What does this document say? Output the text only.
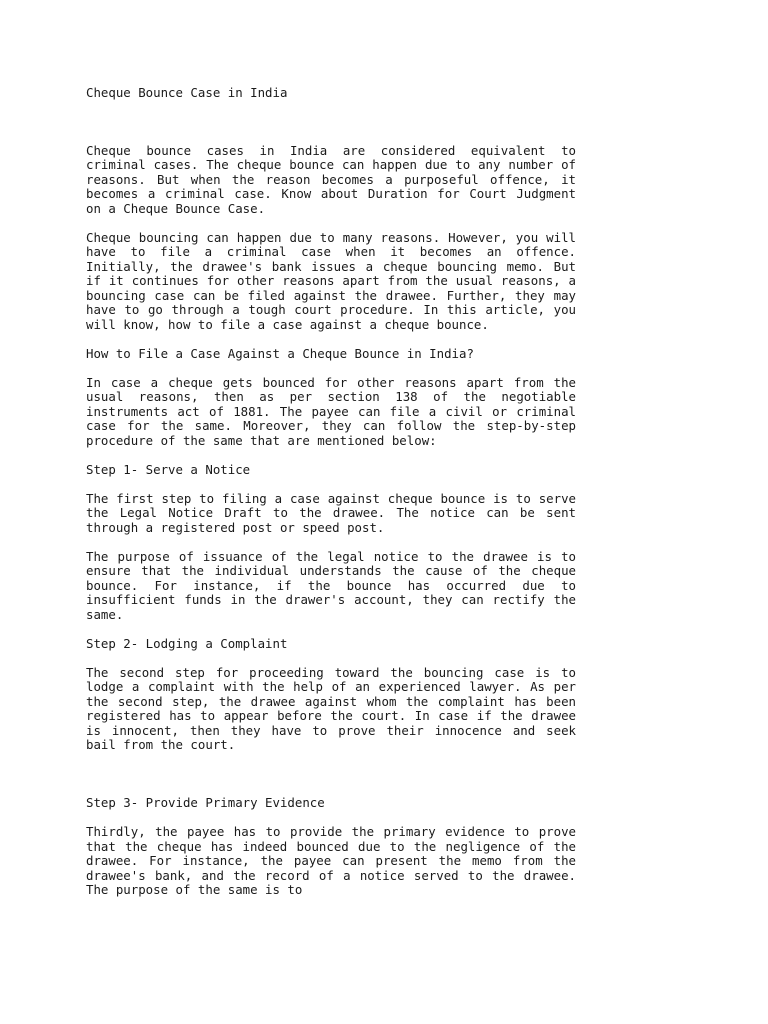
Cheque Bounce Case in India

Cheque bounce cases in India are considered equivalent to criminal cases. The cheque bounce can happen due to any number of reasons. But when the reason becomes a purposeful offence, it becomes a criminal case. Know about Duration for Court Judgment on a Cheque Bounce Case.

Cheque bouncing can happen due to many reasons. However, you will have to file a criminal case when it becomes an offence. Initially, the drawee's bank issues a cheque bouncing memo. But if it continues for other reasons apart from the usual reasons, a bouncing case can be filed against the drawee. Further, they may have to go through a tough court procedure. In this article, you will know, how to file a case against a cheque bounce.

How to File a Case Against a Cheque Bounce in India?

In case a cheque gets bounced for other reasons apart from the usual reasons, then as per section 138 of the negotiable instruments act of 1881. The payee can file a civil or criminal case for the same. Moreover, they can follow the step-by-step procedure of the same that are mentioned below:

Step 1- Serve a Notice

The first step to filing a case against cheque bounce is to serve the Legal Notice Draft to the drawee. The notice can be sent through a registered post or speed post.

The purpose of issuance of the legal notice to the drawee is to ensure that the individual understands the cause of the cheque bounce. For instance, if the bounce has occurred due to insufficient funds in the drawer's account, they can rectify the same.

Step 2- Lodging a Complaint

The second step for proceeding toward the bouncing case is to lodge a complaint with the help of an experienced lawyer. As per the second step, the drawee against whom the complaint has been registered has to appear before the court. In case if the drawee is innocent, then they have to prove their innocence and seek bail from the court.

Step 3- Provide Primary Evidence

Thirdly, the payee has to provide the primary evidence to prove that the cheque has indeed bounced due to the negligence of the drawee. For instance, the payee can present the memo from the drawee's bank, and the record of a notice served to the drawee. The purpose of the same is to
